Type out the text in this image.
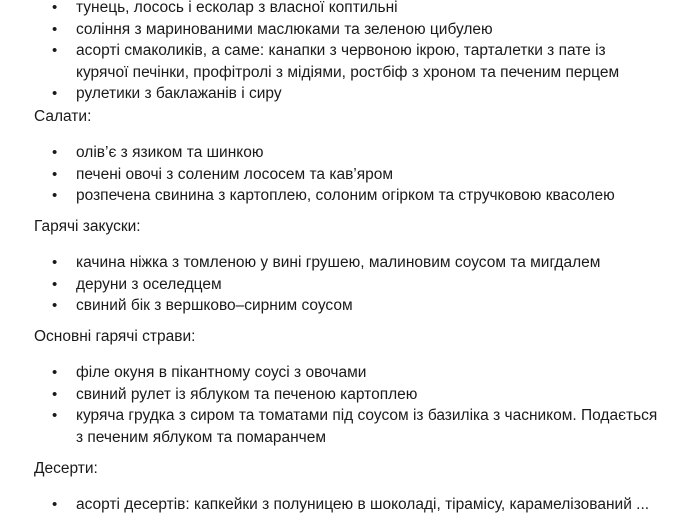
• тунець, лосось і есколар з власної коптильні
• соління з маринованими маслюками та зеленою цибулею
• асорті смаколиків, а саме: канапки з червоною ікрою, тарталетки з пате із курячої печінки, профітролі з мідіями, ростбіф з хроном та печеним перцем
• рулетики з баклажанів і сиру
Салати:
• олів’є з язиком та шинкою
• печені овочі з соленим лососем та кав’яром
• розпечена свинина з картоплею, солоним огірком та стручковою квасолею
Гарячі закуски:
• качина ніжка з томленою у вині грушею, малиновим соусом та мигдалем
• деруни з оселедцем
• свиний бік з вершково–сирним соусом
Основні гарячі страви:
• філе окуня в пікантному соусі з овочами
• свиний рулет із яблуком та печеною картоплею
• куряча грудка з сиром та томатами під соусом із базиліка з часником. Подається з печеним яблуком та помаранчем
Десерти:
• асорті десертів: капкейки з полуницею в шоколаді, тірамісу, карамелізований ...
